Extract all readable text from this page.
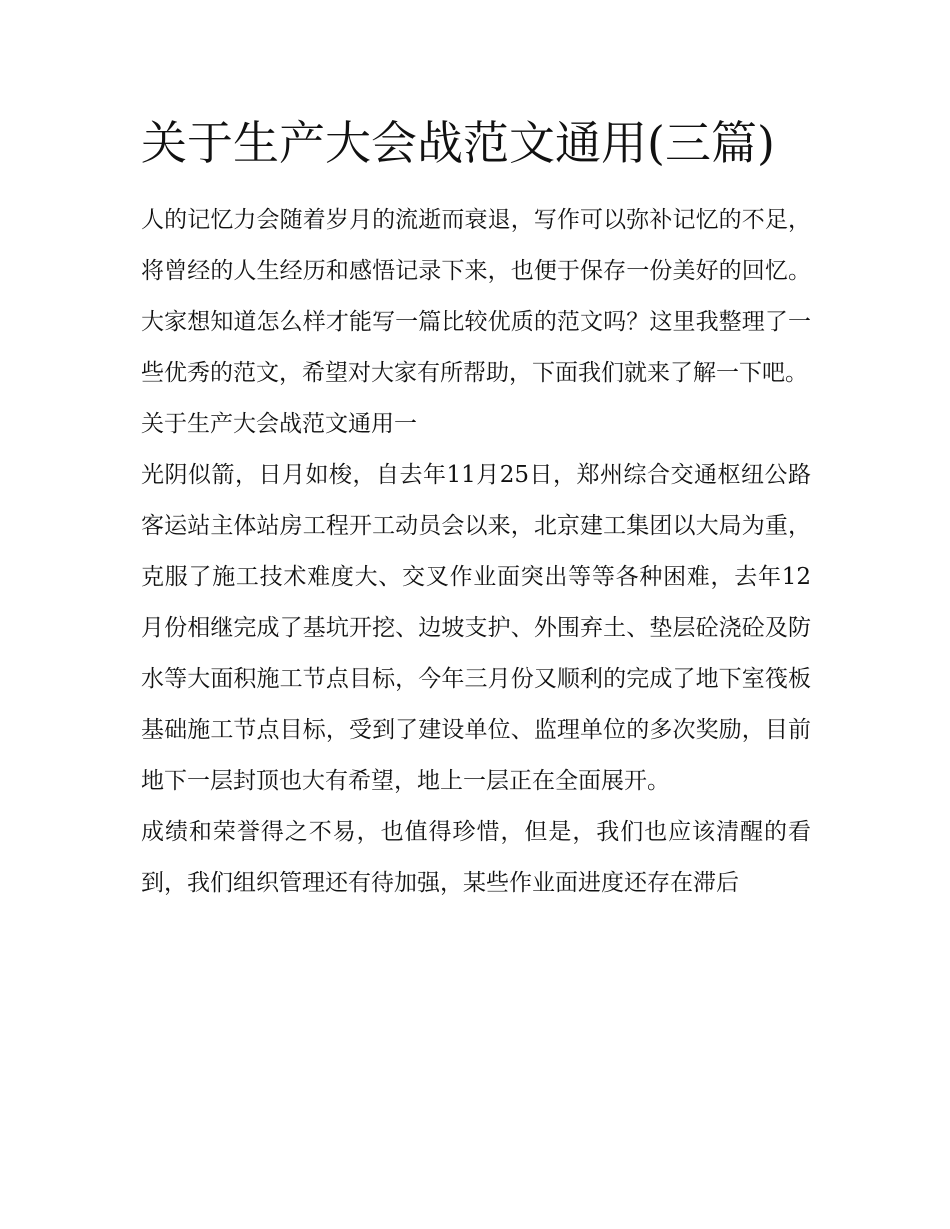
关于生产大会战范文通用(三篇)

人的记忆力会随着岁月的流逝而衰退，写作可以弥补记忆的不足，将曾经的人生经历和感悟记录下来，也便于保存一份美好的回忆。大家想知道怎么样才能写一篇比较优质的范文吗？这里我整理了一些优秀的范文，希望对大家有所帮助，下面我们就来了解一下吧。

关于生产大会战范文通用一

光阴似箭，日月如梭，自去年11月25日，郑州综合交通枢纽公路客运站主体站房工程开工动员会以来，北京建工集团以大局为重，克服了施工技术难度大、交叉作业面突出等等各种困难，去年12月份相继完成了基坑开挖、边坡支护、外围弃土、垫层砼浇砼及防水等大面积施工节点目标，今年三月份又顺利的完成了地下室筏板基础施工节点目标，受到了建设单位、监理单位的多次奖励，目前地下一层封顶也大有希望，地上一层正在全面展开。

成绩和荣誉得之不易，也值得珍惜，但是，我们也应该清醒的看到，我们组织管理还有待加强，某些作业面进度还存在滞后
